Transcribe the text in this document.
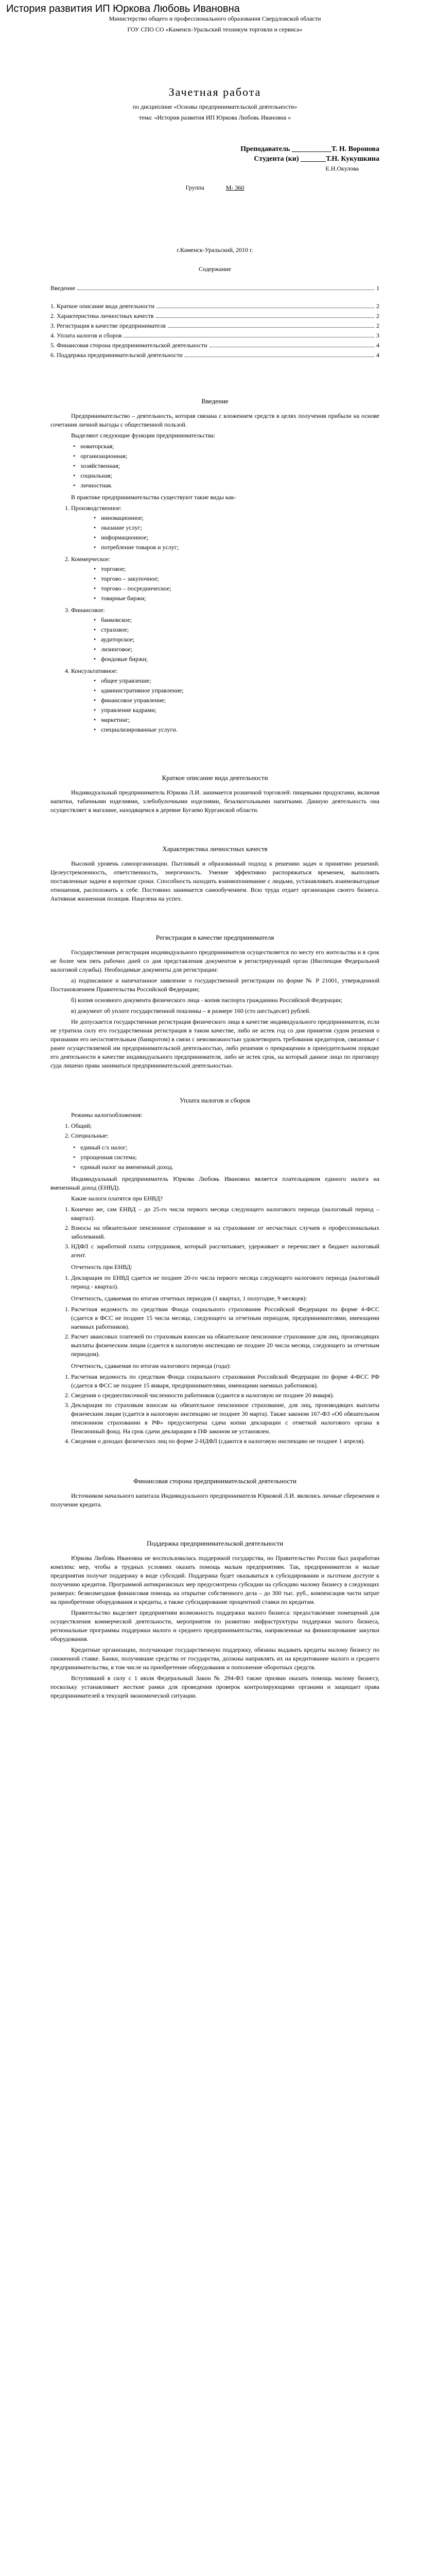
История развития ИП Юркова Любовь Ивановна

Министерство общего и профессионального образования Свердловской области

ГОУ СПО СО «Каменск-Уральский техникум торговли и сервиса»

Зачетная работа

по дисциплине «Основы предпринимательской деятельности»

тема: «История развития ИП Юркова Любовь Ивановна »

Преподаватель ___________Т. Н. Воронова

Студента (ки) _______Т.Н. Кукушкина

Е.Н.Окулова

Группа	М- 360

г.Каменск-Уральский, 2010 г.

Содержание

Введение	1
1. Краткое описание вида деятельности	2
2. Характеристика личностных качеств	2
3. Регистрация в качестве предпринимателя	2
4. Уплата налогов и сборов	3
5. Финансовая сторона предпринимательской деятельности	4
6. Поддержка предпринимательской деятельности	4
Введение

Предпринимательство – деятельность, которая связана с вложением средств в целях получения прибыли на основе сочетания личной выгоды с общественной пользой.

Выделяют следующие функции предпринимательства:

• новаторская;
• организационная;
• хозяйственная;
• социальная;
• личностная.

В практике предпринимательства существуют такие виды как-

1. Производственное:
• инновационное;
• оказание услуг;
• информационное;
• потребление товаров и услуг;
2. Коммерческое:
• торговое;
• торгово – закупочное;
• торгово – посредническое;
• товарные биржи;
3. Финансовое:
• банковское;
• страховое;
• аудиторское;
• лизинговое;
• фондовые биржи;
4. Консультативное:
• общее управление;
• административное управление;
• финансовое управление;
• управление кадрами;
• маркетинг;
• специализированные услуги.
Краткое описание вида деятельности

Индивидуальный предприниматель Юркова Л.И. занимается розничной торговлей: пищевыми продуктами, включая напитки, табачными изделиями, хлебобулочными изделиями, безалкогольными напитками. Данную деятельность она осуществляет в магазине, находящемся в деревне Бугаево Курганской области.

Характеристика личностных качеств

Высокий уровень самоорганизации. Пытливый и образованный подход к решению задач и принятию решений. Целеустремленность, ответственность, энергичность. Умение эффективно распоряжаться временем, выполнять поставленные задачи в короткие сроки. Способность находить взаимопонимание с людьми, устанавливать взаимовыгодные отношения, расположить к себе. Постоянно занимается самообучением. Всю труда отдает организации своего бизнеса. Активная жизненная позиция. Нацелена на успех.

Регистрация в качестве предпринимателя

Государственная регистрация индивидуального предпринимателя осуществляется по месту его жительства и в срок не более чем пять рабочих дней со дня представления документов в регистрирующий орган (Инспекция Федеральной налоговой службы). Необходимые документы для регистрации:

а) подписанное и напечатанное заявление о государственной регистрации по форме № Р 21001, утвержденной Постановлением Правительства Российской Федерации;

б) копия основного документа физического лица - копия паспорта гражданина Российской Федерации;

в) документ об уплате государственной пошлины – в размере 160 (сто шестьдесят) рублей.

Не допускается государственная регистрация физического лица в качестве индивидуального предпринимателя, если не утратила силу его государственная регистрация в таком качестве, либо не истек год со дня принятия судом решения о признании его несостоятельным (банкротом) в связи с невозможностью удовлетворить требования кредиторов, связанные с ранее осуществляемой им предпринимательской деятельностью, либо решения о прекращении в принудительном порядке его деятельности в качестве индивидуального предпринимателя, либо не истек срок, на который данное лицо по приговору суда лишено права заниматься предпринимательской деятельностью.

Уплата налогов и сборов

Режимы налогообложения:

1. Общий;
2. Специальные:
• единый с/х налог;
• упрощенная система;
• единый налог на вмененный доход.

Индивидуальный предприниматель Юркова Любовь Ивановна является плательщиком единого налога на вмененный доход (ЕНВД).

Какие налоги платятся при ЕНВД?

1. Конечно же, сам ЕНВД – до 25-го числа первого месяца следующего налогового периода (налоговый период – квартал).
2. Взносы на обязательное пенсионное страхование и на страхование от несчастных случаев и профессиональных заболеваний.
3. НДФЛ с заработной платы сотрудников, который рассчитывает, удерживает и перечисляет в бюджет налоговый агент.

Отчетность при ЕНВД:

1. Декларация по ЕНВД сдается не позднее 20-го числа первого месяца следующего налогового периода (налоговый период - квартал).

Отчетность, сдаваемая по итогам отчетных периодов (1 квартал, 1 полугодие, 9 месяцев):

1. Расчетная ведомость по средствам Фонда социального страхования Российской Федерации по форме 4-ФСС (сдается в ФСС не позднее 15 числа месяца, следующего за отчетным периодом, предпринимателями, имеющими наемных работников).
2. Расчет авансовых платежей по страховым взносам на обязательное пенсионное страхование для лиц, производящих выплаты физическим лицам (сдается в налоговую инспекцию не позднее 20 числа месяца, следующего за отчетным периодом).

Отчетность, сдаваемая по итогам налогового периода (года):

1. Расчетная ведомость по средствам Фонда социального страхования Российской Федерации по форме 4-ФСС РФ (сдается в ФСС не позднее 15 января, предпринимателями, имеющими наемных работников).
2. Сведения о среднесписочной численности работников (сдаются в налоговую не позднее 20 января).
3. Декларация по страховым взносам на обязательное пенсионное страхование, для лиц, производящих выплаты физическим лицам (сдается в налоговую инспекцию не позднее 30 марта). Также законом 167-ФЗ «Об обязательном пенсионном страховании в РФ» предусмотрена сдача копии декларации с отметкой налогового органа в Пенсионный фонд. На срок сдачи декларации в ПФ законом не установлен.
4. Сведения о доходах физических лиц по форме 2-НДФЛ (сдаются в налоговую инспекцию не позднее 1 апреля).
Финансовая сторона предпринимательской деятельности

Источником начального капитала Индивидуального предпринимателя Юрковой Л.И. являлись личные сбережения и получение кредита.

Поддержка предпринимательской деятельности

Юркова Любовь Ивановна не воспользовалась поддержкой государства, но Правительство России был разработан комплекс мер, чтобы в трудных условиях оказать помощь малым предприятиям. Так, предприниматели и малые предприятия получат поддержку в виде субсидий. Поддержка будет оказываться в субсидировании и льготном доступе к получению кредитов. Программой антикризисных мер предусмотрена субсидии на субсидию малому бизнесу в следующих размерах: безвозмездная финансовая помощь на открытие собственного дела – до 300 тыс. руб., компенсация части затрат на приобретение оборудования и кредиты, а также субсидирование процентной ставки по кредитам.

Правительство выделяет предприятиям возможность поддержки малого бизнеса: предоставление помещений для осуществления коммерческой деятельности, мероприятия по развитию инфраструктуры поддержки малого бизнеса, региональные программы поддержки малого и среднего предпринимательства, направленные на финансирование закупки оборудования.

Кредитные организации, получающие государственную поддержку, обязаны выдавать кредиты малому бизнесу по сниженной ставке. Банки, получившие средства от государства, должны направлять их на кредитование малого и среднего предпринимательства, в том числе на приобретение оборудования и пополнение оборотных средств.

Вступивший в силу с 1 июля Федеральный Закон № 294-ФЗ также призван оказать помощь малому бизнесу, поскольку устанавливает жесткие рамки для проведения проверок контролирующими органами и защищает права предпринимателей в текущей экономической ситуации.
